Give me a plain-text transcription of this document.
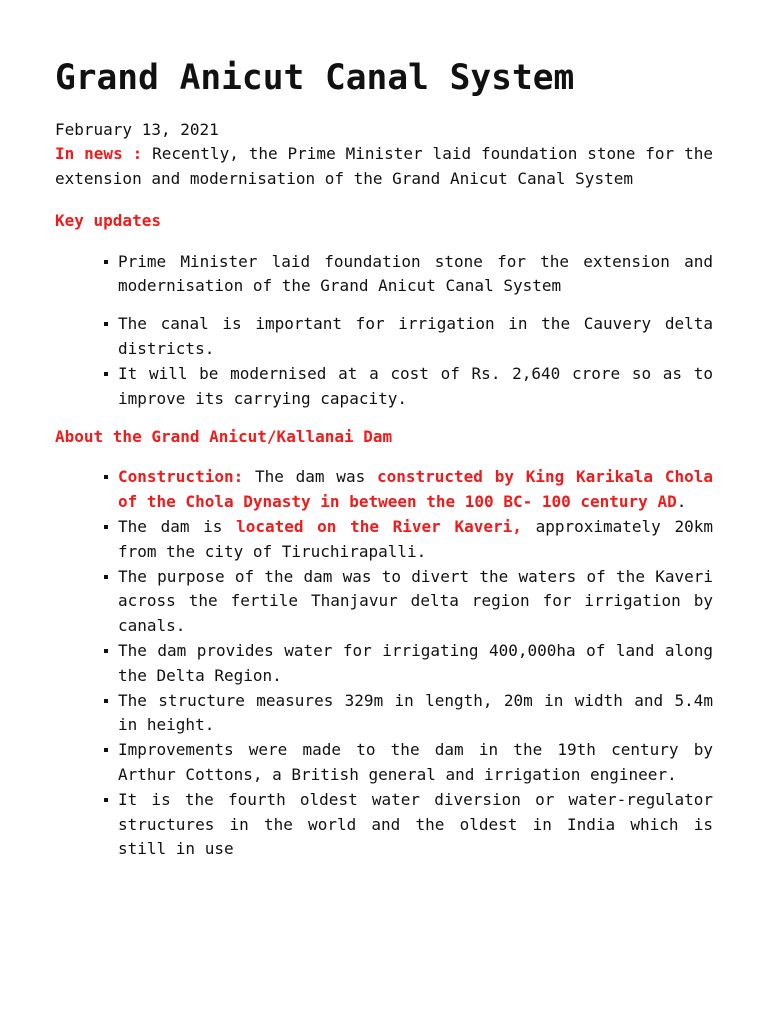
Grand Anicut Canal System
February 13, 2021

In news : Recently, the Prime Minister laid foundation stone for the extension and modernisation of the Grand Anicut Canal System

Key updates

Prime Minister laid foundation stone for the extension and modernisation of the Grand Anicut Canal System
The canal is important for irrigation in the Cauvery delta districts.
It will be modernised at a cost of Rs. 2,640 crore so as to improve its carrying capacity.

About the Grand Anicut/Kallanai Dam

Construction: The dam was constructed by King Karikala Chola of the Chola Dynasty in between the 100 BC- 100 century AD.
The dam is located on the River Kaveri, approximately 20km from the city of Tiruchirapalli.
The purpose of the dam was to divert the waters of the Kaveri across the fertile Thanjavur delta region for irrigation by canals.
The dam provides water for irrigating 400,000ha of land along the Delta Region.
The structure measures 329m in length, 20m in width and 5.4m in height.
Improvements were made to the dam in the 19th century by Arthur Cottons, a British general and irrigation engineer.
It is the fourth oldest water diversion or water-regulator structures in the world and the oldest in India which is still in use
